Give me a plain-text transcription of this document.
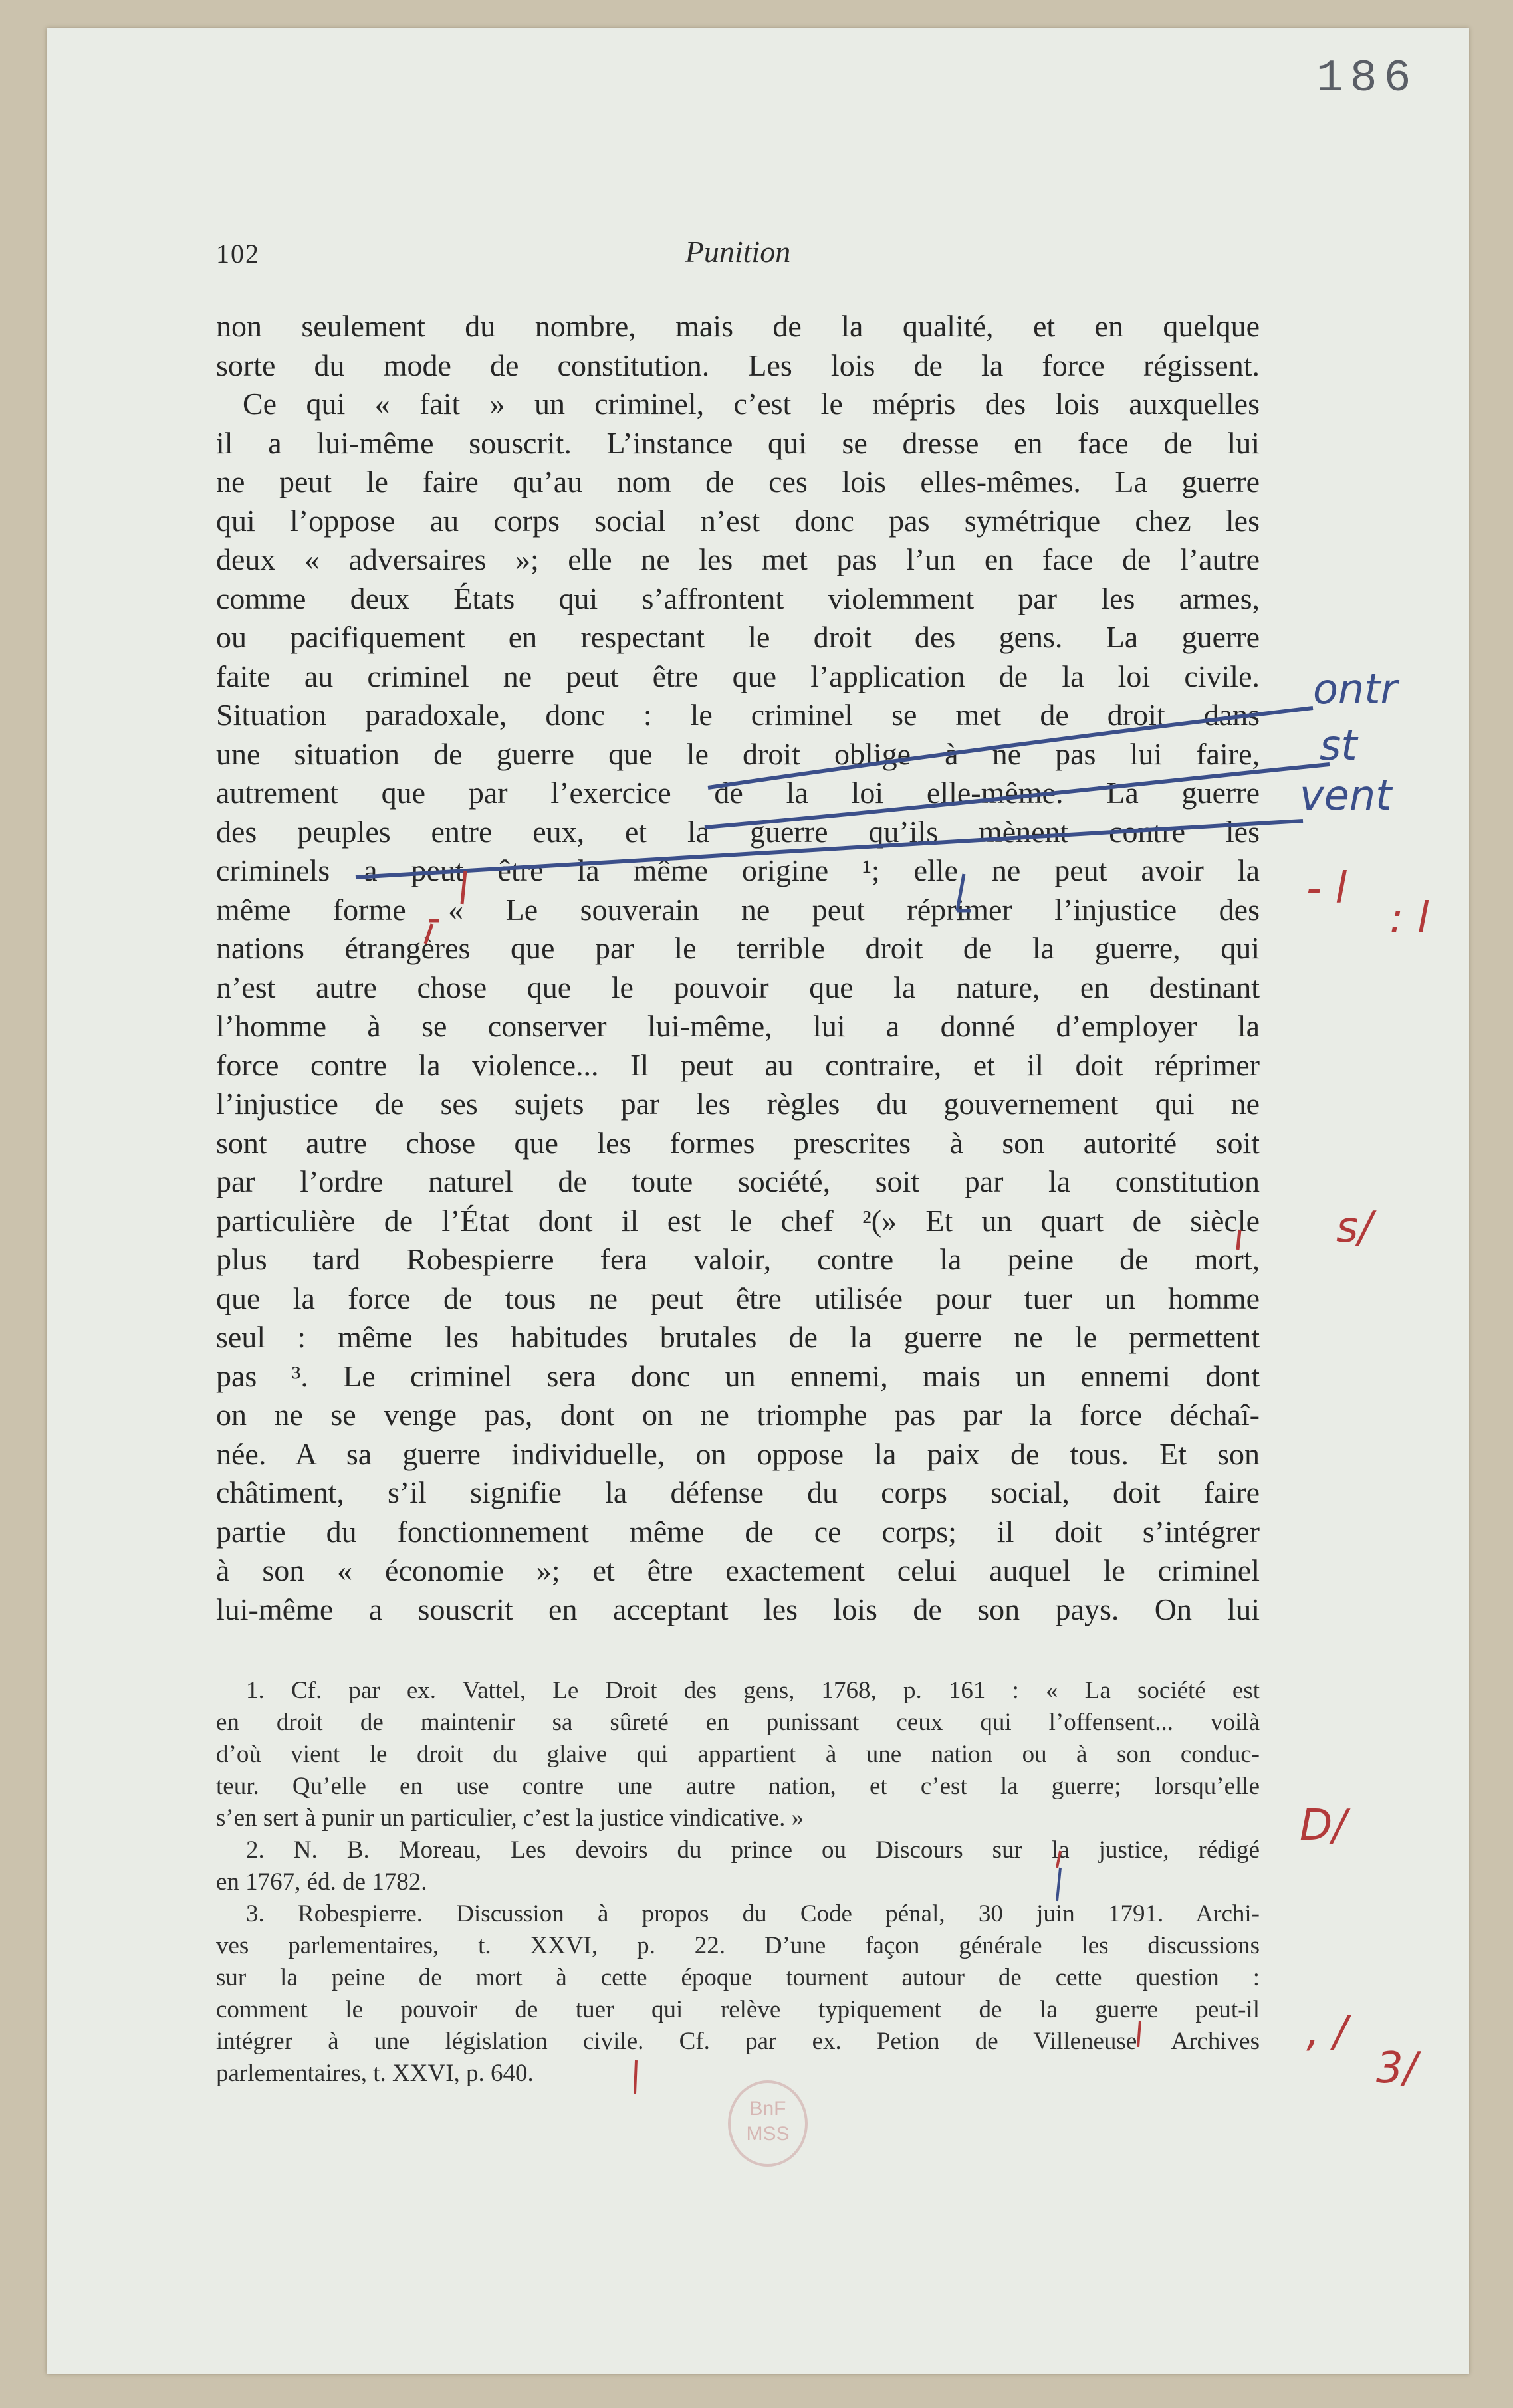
186
102	Punition
non seulement du nombre, mais de la qualité, et en quelque
sorte du mode de constitution. Les lois de la force régissent.
Ce qui « fait » un criminel, c’est le mépris des lois auxquelles
il a lui-même souscrit. L’instance qui se dresse en face de lui
ne peut le faire qu’au nom de ces lois elles-mêmes. La guerre
qui l’oppose au corps social n’est donc pas symétrique chez les
deux « adversaires »; elle ne les met pas l’un en face de l’autre
comme deux États qui s’affrontent violemment par les armes,
ou pacifiquement en respectant le droit des gens. La guerre
faite au criminel ne peut être que l’application de la loi civile.
Situation paradoxale, donc : le criminel se met de droit dans
une situation de guerre que le droit oblige à ne pas lui faire,
autrement que par l’exercice de la loi elle-même. La guerre
des peuples entre eux, et la guerre qu’ils mènent contre les
criminels a peut être la même origine ¹; elle ne peut avoir la
même forme « Le souverain ne peut réprimer l’injustice des
nations étrangères que par le terrible droit de la guerre, qui
n’est autre chose que le pouvoir que la nature, en destinant
l’homme à se conserver lui-même, lui a donné d’employer la
force contre la violence... Il peut au contraire, et il doit réprimer
l’injustice de ses sujets par les règles du gouvernement qui ne
sont autre chose que les formes prescrites à son autorité soit
par l’ordre naturel de toute société, soit par la constitution
particulière de l’État dont il est le chef ²(» Et un quart de siècle
plus tard Robespierre fera valoir, contre la peine de mort,
que la force de tous ne peut être utilisée pour tuer un homme
seul : même les habitudes brutales de la guerre ne le permettent
pas ³. Le criminel sera donc un ennemi, mais un ennemi dont
on ne se venge pas, dont on ne triomphe pas par la force déchaî-
née. A sa guerre individuelle, on oppose la paix de tous. Et son
châtiment, s’il signifie la défense du corps social, doit faire
partie du fonctionnement même de ce corps; il doit s’intégrer
à son « économie »; et être exactement celui auquel le criminel
lui-même a souscrit en acceptant les lois de son pays. On lui
1. Cf. par ex. Vattel, Le Droit des gens, 1768, p. 161 : « La société est
en droit de maintenir sa sûreté en punissant ceux qui l’offensent... voilà
d’où vient le droit du glaive qui appartient à une nation ou à son conduc-
teur. Qu’elle en use contre une autre nation, et c’est la guerre; lorsqu’elle
s’en sert à punir un particulier, c’est la justice vindicative. »
2. N. B. Moreau, Les devoirs du prince ou Discours sur la justice, rédigé
en 1767, éd. de 1782.
3. Robespierre. Discussion à propos du Code pénal, 30 juin 1791. Archi-
ves parlementaires, t. XXVI, p. 22. D’une façon générale les discussions
sur la peine de mort à cette époque tournent autour de cette question :
comment le pouvoir de tuer qui relève typiquement de la guerre peut-il
intégrer à une législation civile. Cf. par ex. Petion de Villeneuse Archives
parlementaires, t. XXVI, p. 640.
ontr
st
vent
- l
: l
s/
D/
, /
3/
BnF
MSS
